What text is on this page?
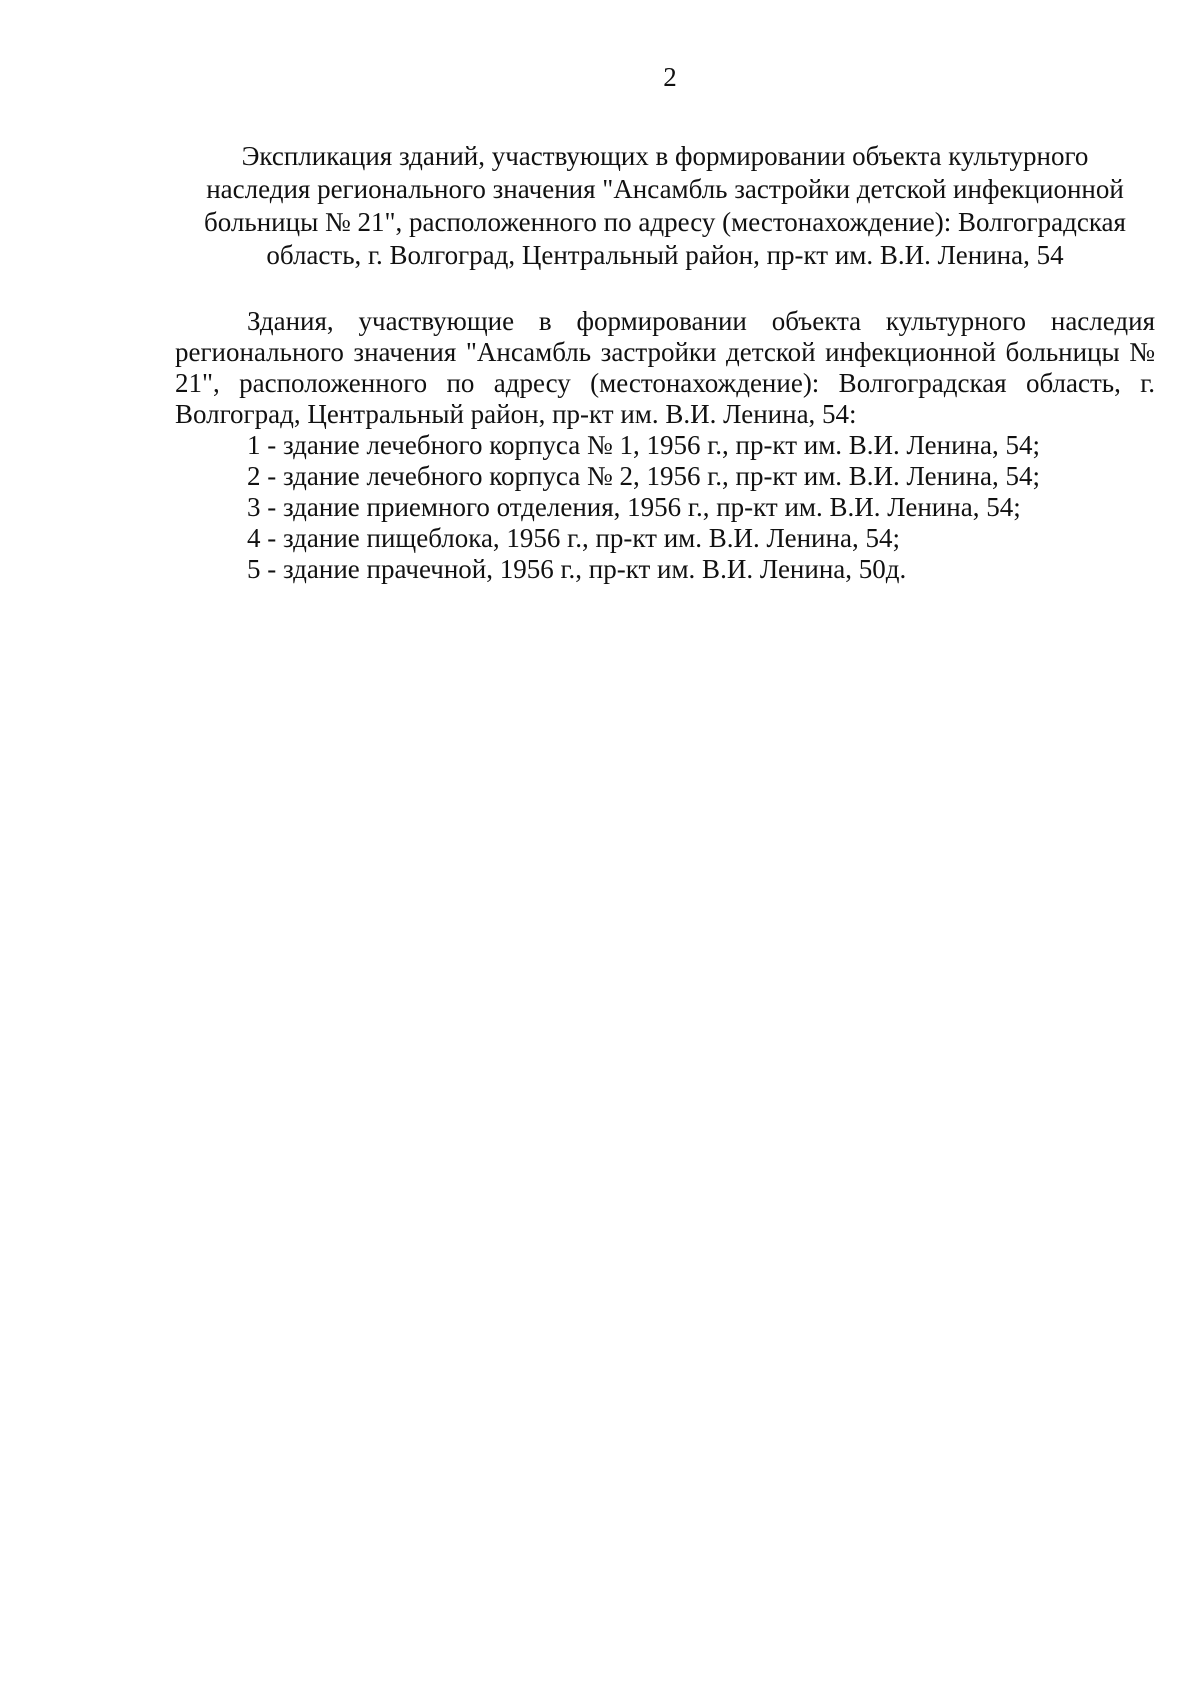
2
Экспликация зданий, участвующих в формировании объекта культурного
наследия регионального значения "Ансамбль застройки детской инфекционной
больницы № 21", расположенного по адресу (местонахождение): Волгоградская
область, г. Волгоград, Центральный район, пр-кт им. В.И. Ленина, 54

Здания, участвующие в формировании объекта культурного наследия регионального значения "Ансамбль застройки детской инфекционной больницы № 21", расположенного по адресу (местонахождение): Волгоградская область, г. Волгоград, Центральный район, пр-кт им. В.И. Ленина, 54:

1 - здание лечебного корпуса № 1, 1956 г., пр-кт им. В.И. Ленина, 54;
2 - здание лечебного корпуса № 2, 1956 г., пр-кт им. В.И. Ленина, 54;
3 - здание приемного отделения, 1956 г., пр-кт им. В.И. Ленина, 54;
4 - здание пищеблока, 1956 г., пр-кт им. В.И. Ленина, 54;
5 - здание прачечной, 1956 г., пр-кт им. В.И. Ленина, 50д.
